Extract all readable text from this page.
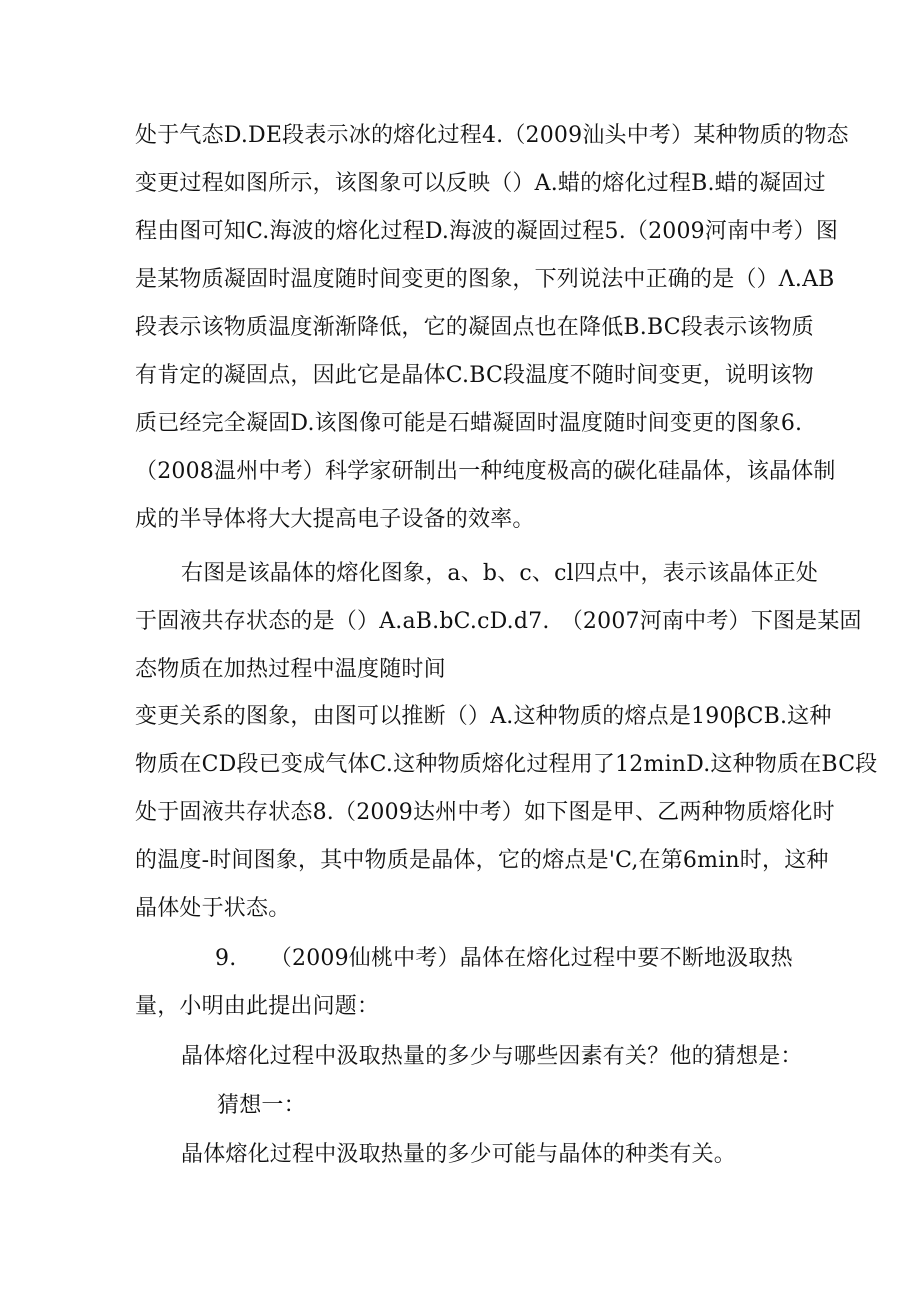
处于气态D.DE段表示冰的熔化过程4.（2009汕头中考）某种物质的物态
变更过程如图所示，该图象可以反映（）A.蜡的熔化过程B.蜡的凝固过
程由图可知C.海波的熔化过程D.海波的凝固过程5.（2009河南中考）图
是某物质凝固时温度随时间变更的图象，下列说法中正确的是（）Λ.AB
段表示该物质温度渐渐降低，它的凝固点也在降低B.BC段表示该物质
有肯定的凝固点，因此它是晶体C.BC段温度不随时间变更，说明该物
质已经完全凝固D.该图像可能是石蜡凝固时温度随时间变更的图象6.
（2008温州中考）科学家研制出一种纯度极高的碳化硅晶体，该晶体制
成的半导体将大大提高电子设备的效率。
右图是该晶体的熔化图象，a、b、c、cl四点中，表示该晶体正处
于固液共存状态的是（）A.aB.bC.cD.d7.　（2007河南中考）下图是某固
态物质在加热过程中温度随时间
变更关系的图象，由图可以推断（）A.这种物质的熔点是190βCB.这种
物质在CD段已变成气体C.这种物质熔化过程用了12minD.这种物质在BC段
处于固液共存状态8.（2009达州中考）如下图是甲、乙两种物质熔化时
的温度-时间图象，其中物质是晶体，它的熔点是'C,在第6min时，这种
晶体处于状态。
9.　　（2009仙桃中考）晶体在熔化过程中要不断地汲取热
量，小明由此提出问题：
晶体熔化过程中汲取热量的多少与哪些因素有关？他的猜想是：
猜想一：
晶体熔化过程中汲取热量的多少可能与晶体的种类有关。
